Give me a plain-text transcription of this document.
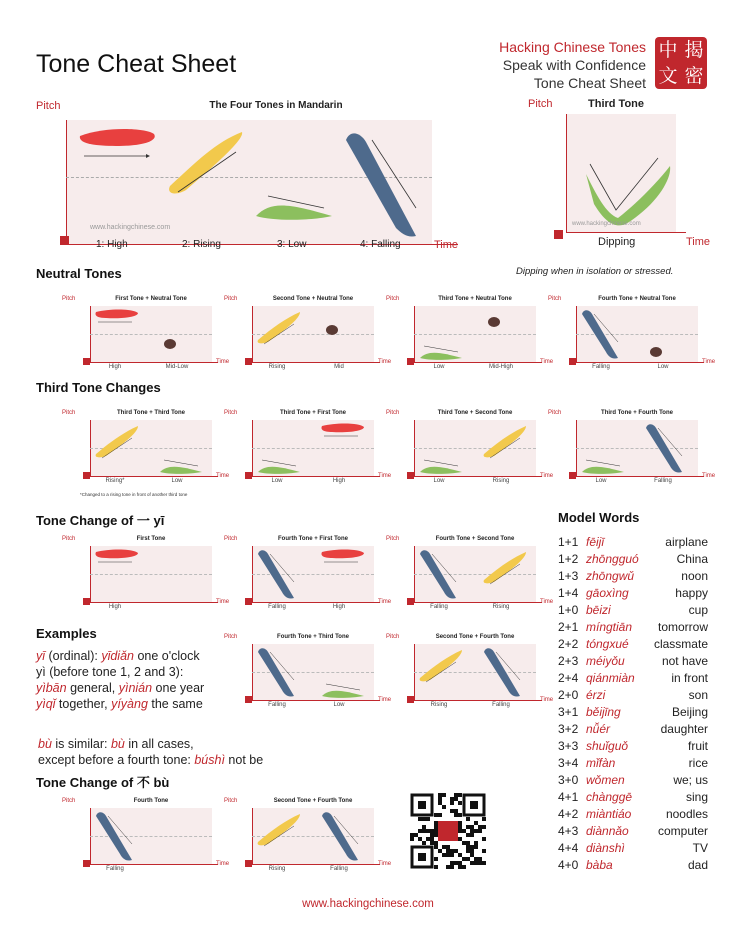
Tone Cheat Sheet
Hacking Chinese Tones
Speak with Confidence
Tone Cheat Sheet
中 揭
文 密
Pitch	The Four Tones in Mandarin
www.hackingchinese.com
1: High	2: Rising	3: Low	4: Falling	Time
Pitch	Third Tone
www.hackingchinese.com
Dipping	Time
Dipping when in isolation or stressed.
Neutral Tones
Third Tone Changes
Tone Change of 一 yī
Examples
Tone Change of 不 bù
Model Words
Pitch	First Tone + Neutral Tone
High	Mid-Low
Time
Pitch	Second Tone + Neutral Tone
Rising	Mid
Time
Pitch	Third Tone + Neutral Tone
Low	Mid-High
Time
Pitch	Fourth Tone + Neutral Tone
Falling	Low
Time
Pitch	Third Tone + Third Tone
Rising*	Low
Time
Pitch	Third Tone + First Tone
Low	High
Time
Pitch	Third Tone + Second Tone
Low	Rising
Time
Pitch	Third Tone + Fourth Tone
Low	Falling
Time
Pitch	First Tone
High
Time
Pitch	Fourth Tone + First Tone
Falling	High
Time
Pitch	Fourth Tone + Second Tone
Falling	Rising
Time
Pitch	Fourth Tone + Third Tone
Falling	Low
Time
Pitch	Second Tone + Fourth Tone
Rising	Falling
Time
Pitch	Fourth Tone
Falling
Time
Pitch	Second Tone + Fourth Tone
Rising	Falling
Time
*Changed to a rising tone in front of another third tone
yī (ordinal): yīdiǎn one o'clock
yì (before tone 1, 2 and 3):
yìbān general, yìnián one year
yìqǐ together, yíyàng the same
bù is similar: bù in all cases,
except before a fourth tone: búshì not be
1+1 fēijī	airplane
1+2 zhōngguó	China
1+3 zhōngwǔ	noon
1+4 gāoxìng	happy
1+0 bēizi	cup
2+1 míngtiān	tomorrow
2+2 tóngxué	classmate
2+3 méiyǒu	not have
2+4 qiánmiàn	in front
2+0 érzi	son
3+1 běijīng	Beijing
3+2 nǚér	daughter
3+3 shuǐguǒ	fruit
3+4 mǐfàn	rice
3+0 wǒmen	we; us
4+1 chànggē	sing
4+2 miàntiáo	noodles
4+3 diànnǎo	computer
4+4 diànshì	TV
4+0 bàba	dad
www.hackingchinese.com
